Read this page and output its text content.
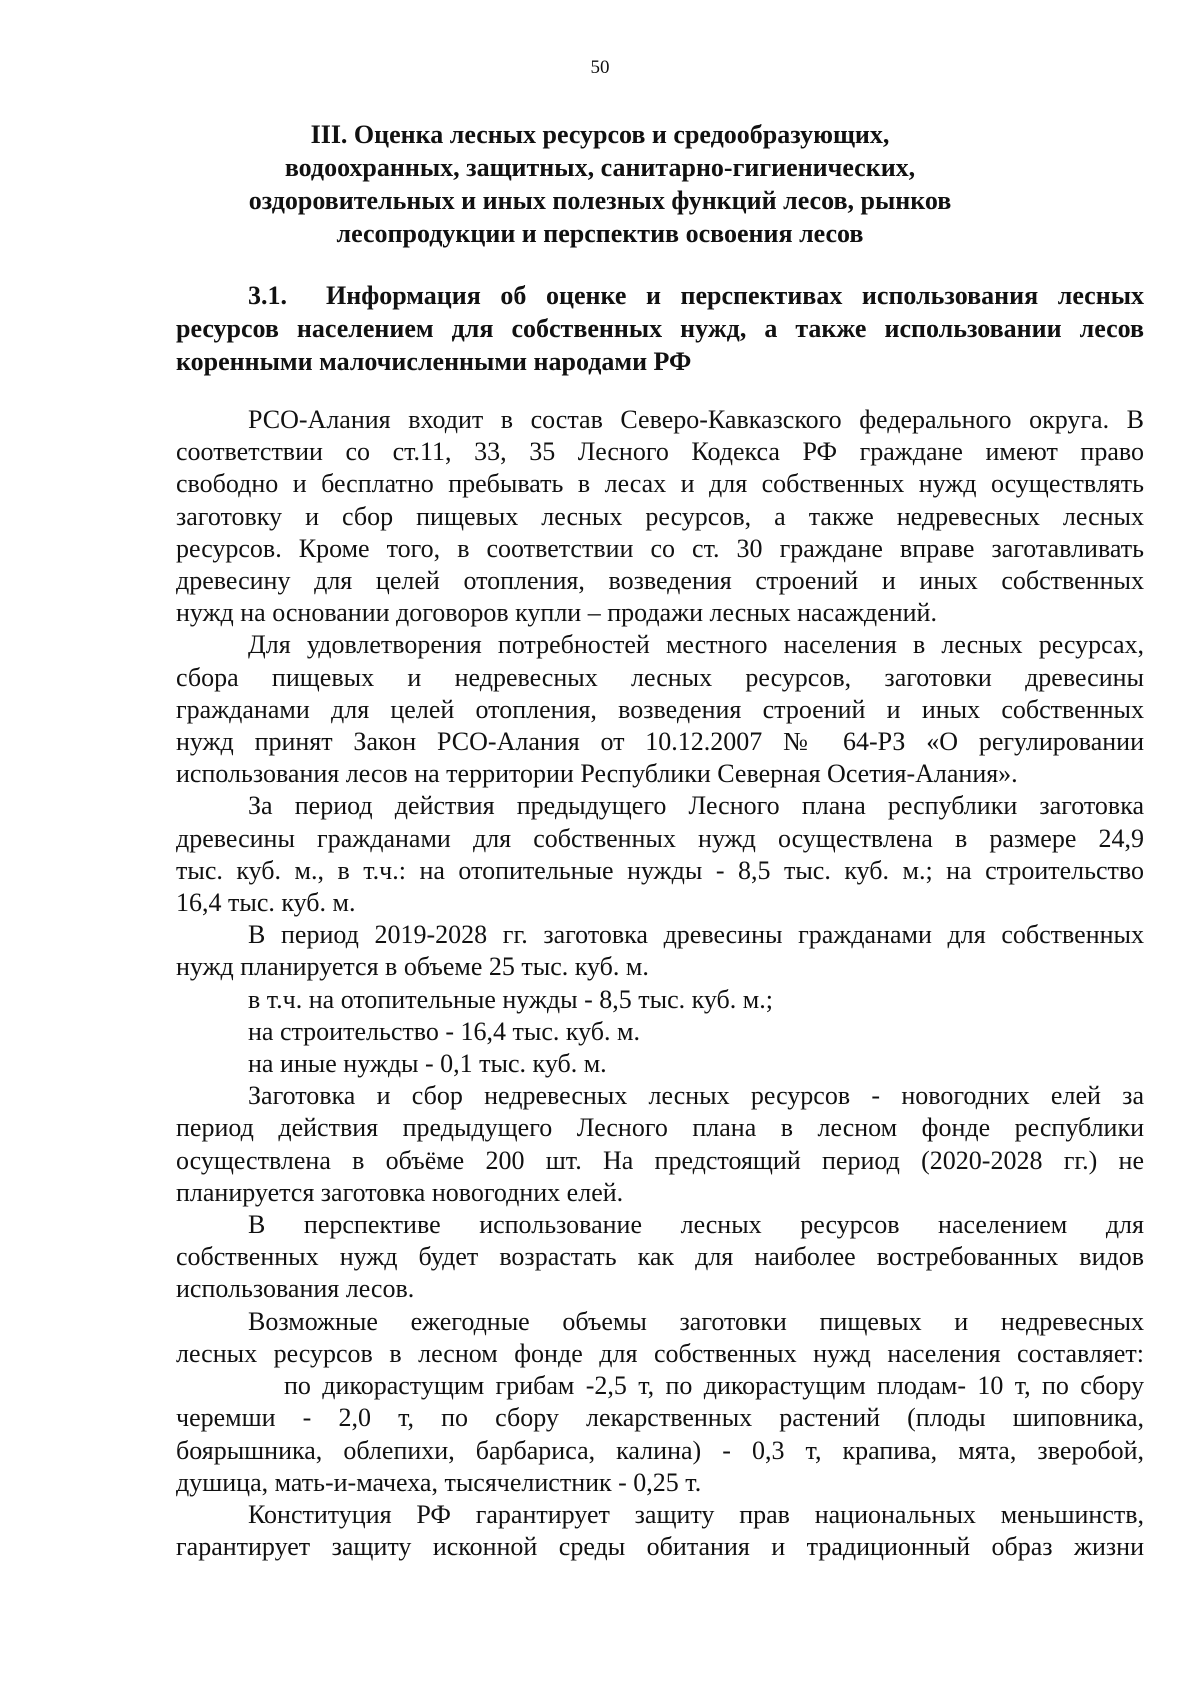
50
III. Оценка лесных ресурсов и средообразующих,
водоохранных, защитных, санитарно-гигиенических,
оздоровительных и иных полезных функций лесов, рынков
лесопродукции и перспектив освоения лесов
3.1. Информация об оценке и перспективах использования лесных
ресурсов населением для собственных нужд, а также использовании лесов
коренными малочисленными народами РФ
РСО-Алания входит в состав Северо-Кавказского федерального округа. В
соответствии со ст.11, 33, 35 Лесного Кодекса РФ граждане имеют право
свободно и бесплатно пребывать в лесах и для собственных нужд осуществлять
заготовку и сбор пищевых лесных ресурсов, а также недревесных лесных
ресурсов. Кроме того, в соответствии со ст. 30 граждане вправе заготавливать
древесину для целей отопления, возведения строений и иных собственных
нужд на основании договоров купли – продажи лесных насаждений.
Для удовлетворения потребностей местного населения в лесных ресурсах,
сбора пищевых и недревесных лесных ресурсов, заготовки древесины
гражданами для целей отопления, возведения строений и иных собственных
нужд принят Закон РСО-Алания от 10.12.2007 № 64-РЗ «О регулировании
использования лесов на территории Республики Северная Осетия-Алания».
За период действия предыдущего Лесного плана республики заготовка
древесины гражданами для собственных нужд осуществлена в размере 24,9
тыс. куб. м., в т.ч.: на отопительные нужды - 8,5 тыс. куб. м.; на строительство
16,4 тыс. куб. м.
В период 2019-2028 гг. заготовка древесины гражданами для собственных
нужд планируется в объеме 25 тыс. куб. м.
в т.ч. на отопительные нужды - 8,5 тыс. куб. м.;
на строительство - 16,4 тыс. куб. м.
на иные нужды - 0,1 тыс. куб. м.
Заготовка и сбор недревесных лесных ресурсов - новогодних елей за
период действия предыдущего Лесного плана в лесном фонде республики
осуществлена в объёме 200 шт. На предстоящий период (2020-2028 гг.) не
планируется заготовка новогодних елей.
В перспективе использование лесных ресурсов населением для
собственных нужд будет возрастать как для наиболее востребованных видов
использования лесов.
Возможные ежегодные объемы заготовки пищевых и недревесных
лесных ресурсов в лесном фонде для собственных нужд населения составляет:
по дикорастущим грибам -2,5 т, по дикорастущим плодам- 10 т, по сбору
черемши - 2,0 т, по сбору лекарственных растений (плоды шиповника,
боярышника, облепихи, барбариса, калина) - 0,3 т, крапива, мята, зверобой,
душица, мать-и-мачеха, тысячелистник - 0,25 т.
Конституция РФ гарантирует защиту прав национальных меньшинств,
гарантирует защиту исконной среды обитания и традиционный образ жизни
